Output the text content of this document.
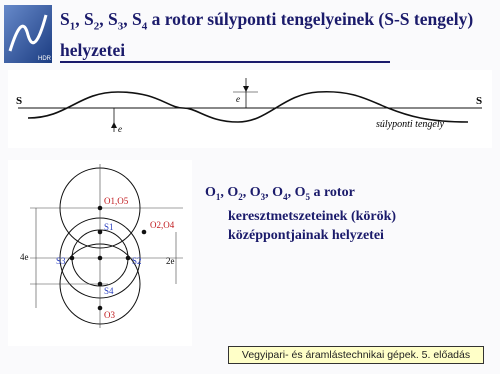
HDR
$S_1$, $S_2$, $S_3$, $S_4$ a rotor súlyponti tengelyeinek (S-S tengely)
helyzetei
S	S
e
e	súlyponti tengely
O1,O5
S1
S2
S3
S4
O3
O2,O4
4e	2e
$O_1$, $O_2$, $O_3$, $O_4$, $O_5$ a rotor
keresztmetszeteinek (körök)
középpontjainak helyzetei
Vegyipari- és áramlástechnikai gépek. 5. előadás
